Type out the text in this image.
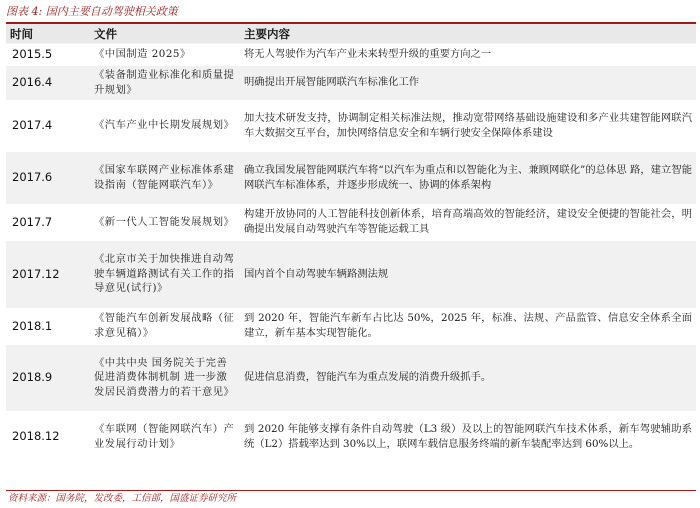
图表 4: 国内主要自动驾驶相关政策
时间	文件	主要内容
2015.5	《中国制造 2025》	将无人驾驶作为汽车产业未来转型升级的重要方向之一
2016.4	《装备制造业标准化和质量提升规划》	明确提出开展智能网联汽车标准化工作
2017.4	《汽车产业中长期发展规划》	加大技术研发支持，协调制定相关标准法规，推动宽带网络基础设施建设和多产业共建智能网联汽车大数据交互平台，加快网络信息安全和车辆行驶安全保障体系建设
2017.6	《国家车联网产业标准体系建设指南（智能网联汽车）》	确立我国发展智能网联汽车将“以汽车为重点和以智能化为主、兼顾网联化”的总体思 路，建立智能网联汽车标准体系，并逐步形成统一、协调的体系架构
2017.7	《新一代人工智能发展规划》	构建开放协同的人工智能科技创新体系，培育高端高效的智能经济，建设安全便捷的智能社会，明确提出发展自动驾驶汽车等智能运载工具
2017.12	《北京市关于加快推进自动驾驶车辆道路测试有关工作的指导意见(试行)》	国内首个自动驾驶车辆路测法规
2018.1	《智能汽车创新发展战略（征求意见稿）》	到 2020 年，智能汽车新车占比达 50%，2025 年，标准、法规、产品监管、信息安全体系全面建立，新车基本实现智能化。
2018.9	《中共中央 国务院关于完善促进消费体制机制 进一步激发居民消费潜力的若干意见》	促进信息消费，智能汽车为重点发展的消费升级抓手。
2018.12	《车联网（智能网联汽车）产业发展行动计划》	到 2020 年能够支撑有条件自动驾驶（L3 级）及以上的智能网联汽车技术体系，新车驾驶辅助系统（L2）搭载率达到 30%以上，联网车载信息服务终端的新车装配率达到 60%以上。
资料来源：国务院，发改委，工信部，国盛证券研究所
